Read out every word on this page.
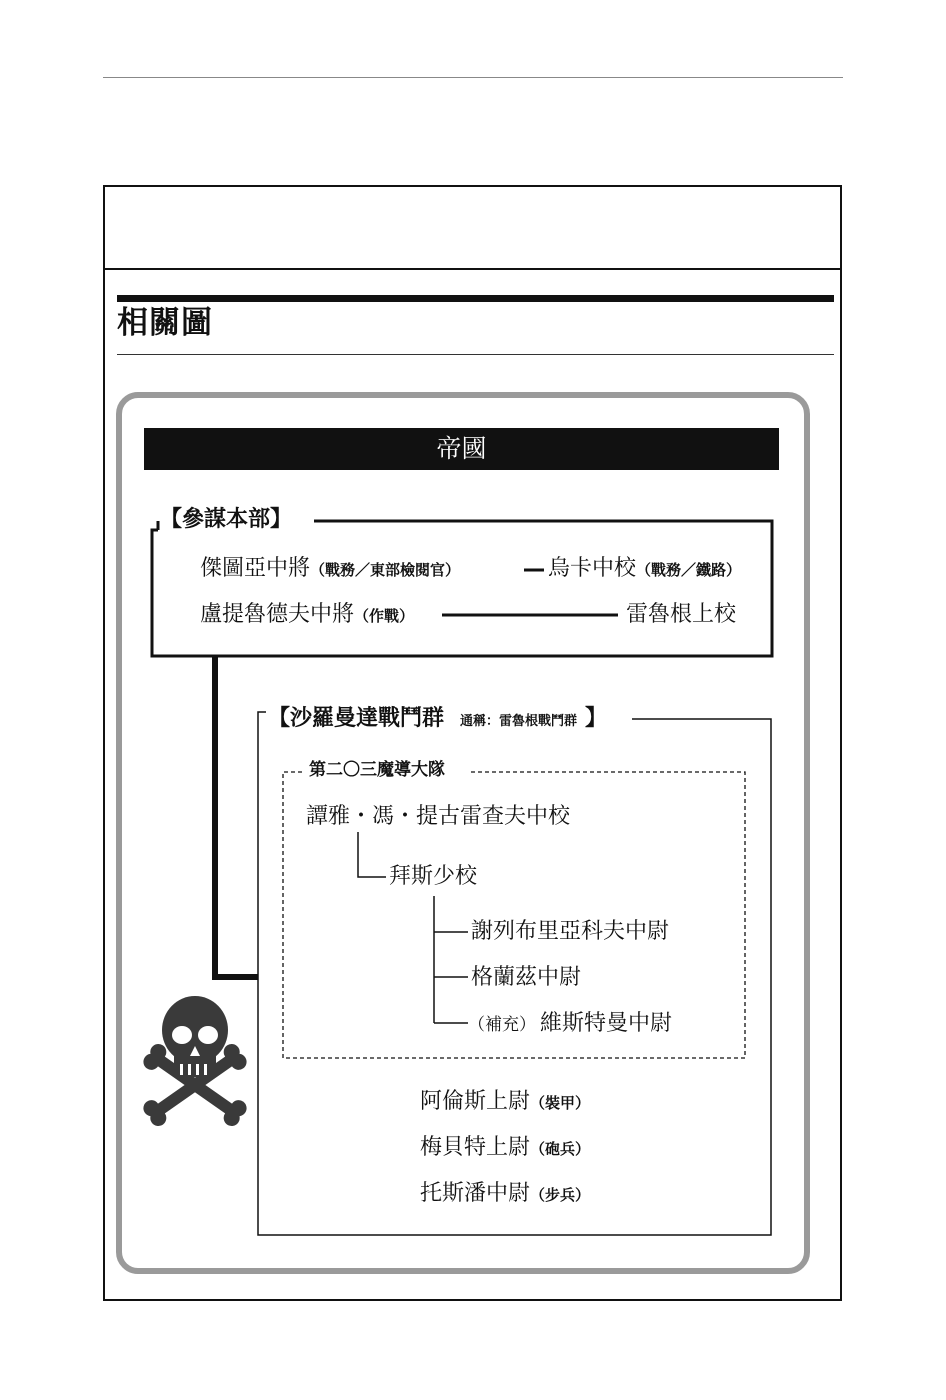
相關圖
帝國
【參謀本部】
傑圖亞中將（戰務／東部檢閱官）	烏卡中校（戰務／鐵路）
盧提魯德夫中將（作戰）	雷魯根上校
【沙羅曼達戰鬥群 通稱：雷魯根戰鬥群 】
第二〇三魔導大隊
譚雅・馮・提古雷查夫中校
拜斯少校
謝列布里亞科夫中尉
格蘭茲中尉
（補充） 維斯特曼中尉
阿倫斯上尉（裝甲）
梅貝特上尉（砲兵）
托斯潘中尉（步兵）
